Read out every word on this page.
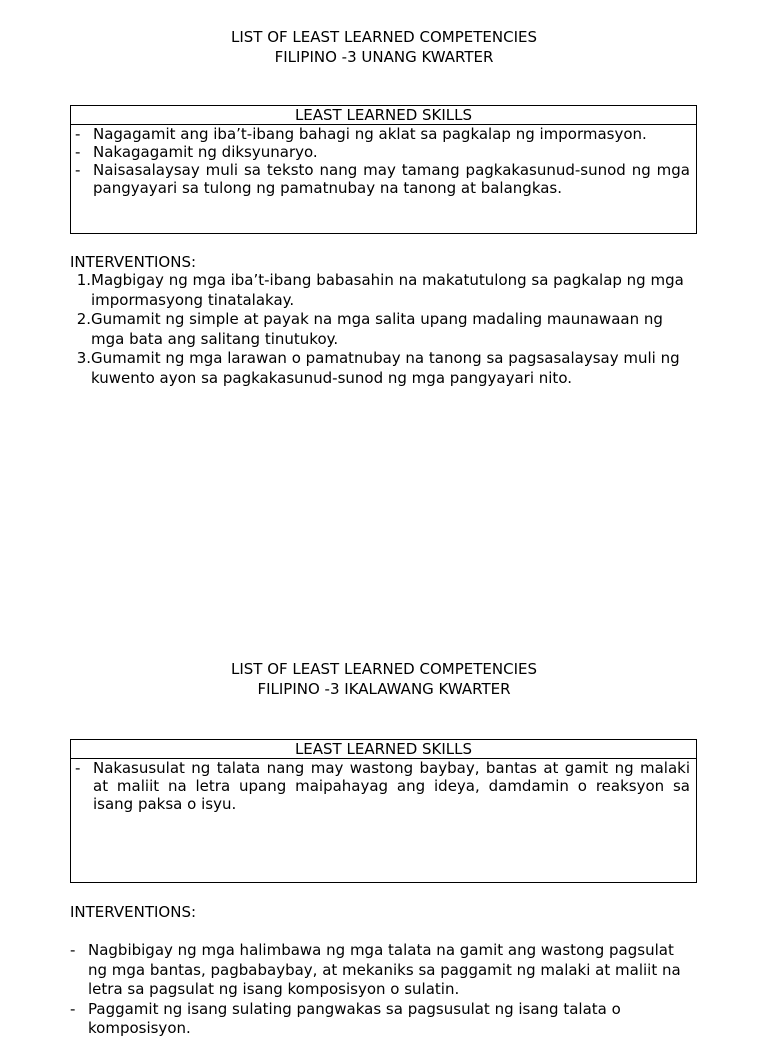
LIST OF LEAST LEARNED COMPETENCIES
FILIPINO -3 UNANG KWARTER
LEAST LEARNED SKILLS
- Nagagamit ang iba’t-ibang bahagi ng aklat sa pagkalap ng impormasyon.
- Nakagagamit ng diksyunaryo.
- Naisasalaysay muli sa teksto nang may tamang pagkakasunud-sunod ng mga pangyayari sa tulong ng pamatnubay na tanong at balangkas.
INTERVENTIONS:
1. Magbigay ng mga iba’t-ibang babasahin na makatutulong sa pagkalap ng mga impormasyong tinatalakay.
2. Gumamit ng simple at payak na mga salita upang madaling maunawaan ng mga bata ang salitang tinutukoy.
3. Gumamit ng mga larawan o pamatnubay na tanong sa pagsasalaysay muli ng kuwento ayon sa pagkakasunud-sunod ng mga pangyayari nito.
LIST OF LEAST LEARNED COMPETENCIES
FILIPINO -3 IKALAWANG KWARTER
LEAST LEARNED SKILLS
- Nakasusulat ng talata nang may wastong baybay, bantas at gamit ng malaki at maliit na letra upang maipahayag ang ideya, damdamin o reaksyon sa isang paksa o isyu.
INTERVENTIONS:
- Nagbibigay ng mga halimbawa ng mga talata na gamit ang wastong pagsulat ng mga bantas, pagbabaybay, at mekaniks sa paggamit ng malaki at maliit na letra sa pagsulat ng isang komposisyon o sulatin.
- Paggamit ng isang sulating pangwakas sa pagsusulat ng isang talata o komposisyon.
